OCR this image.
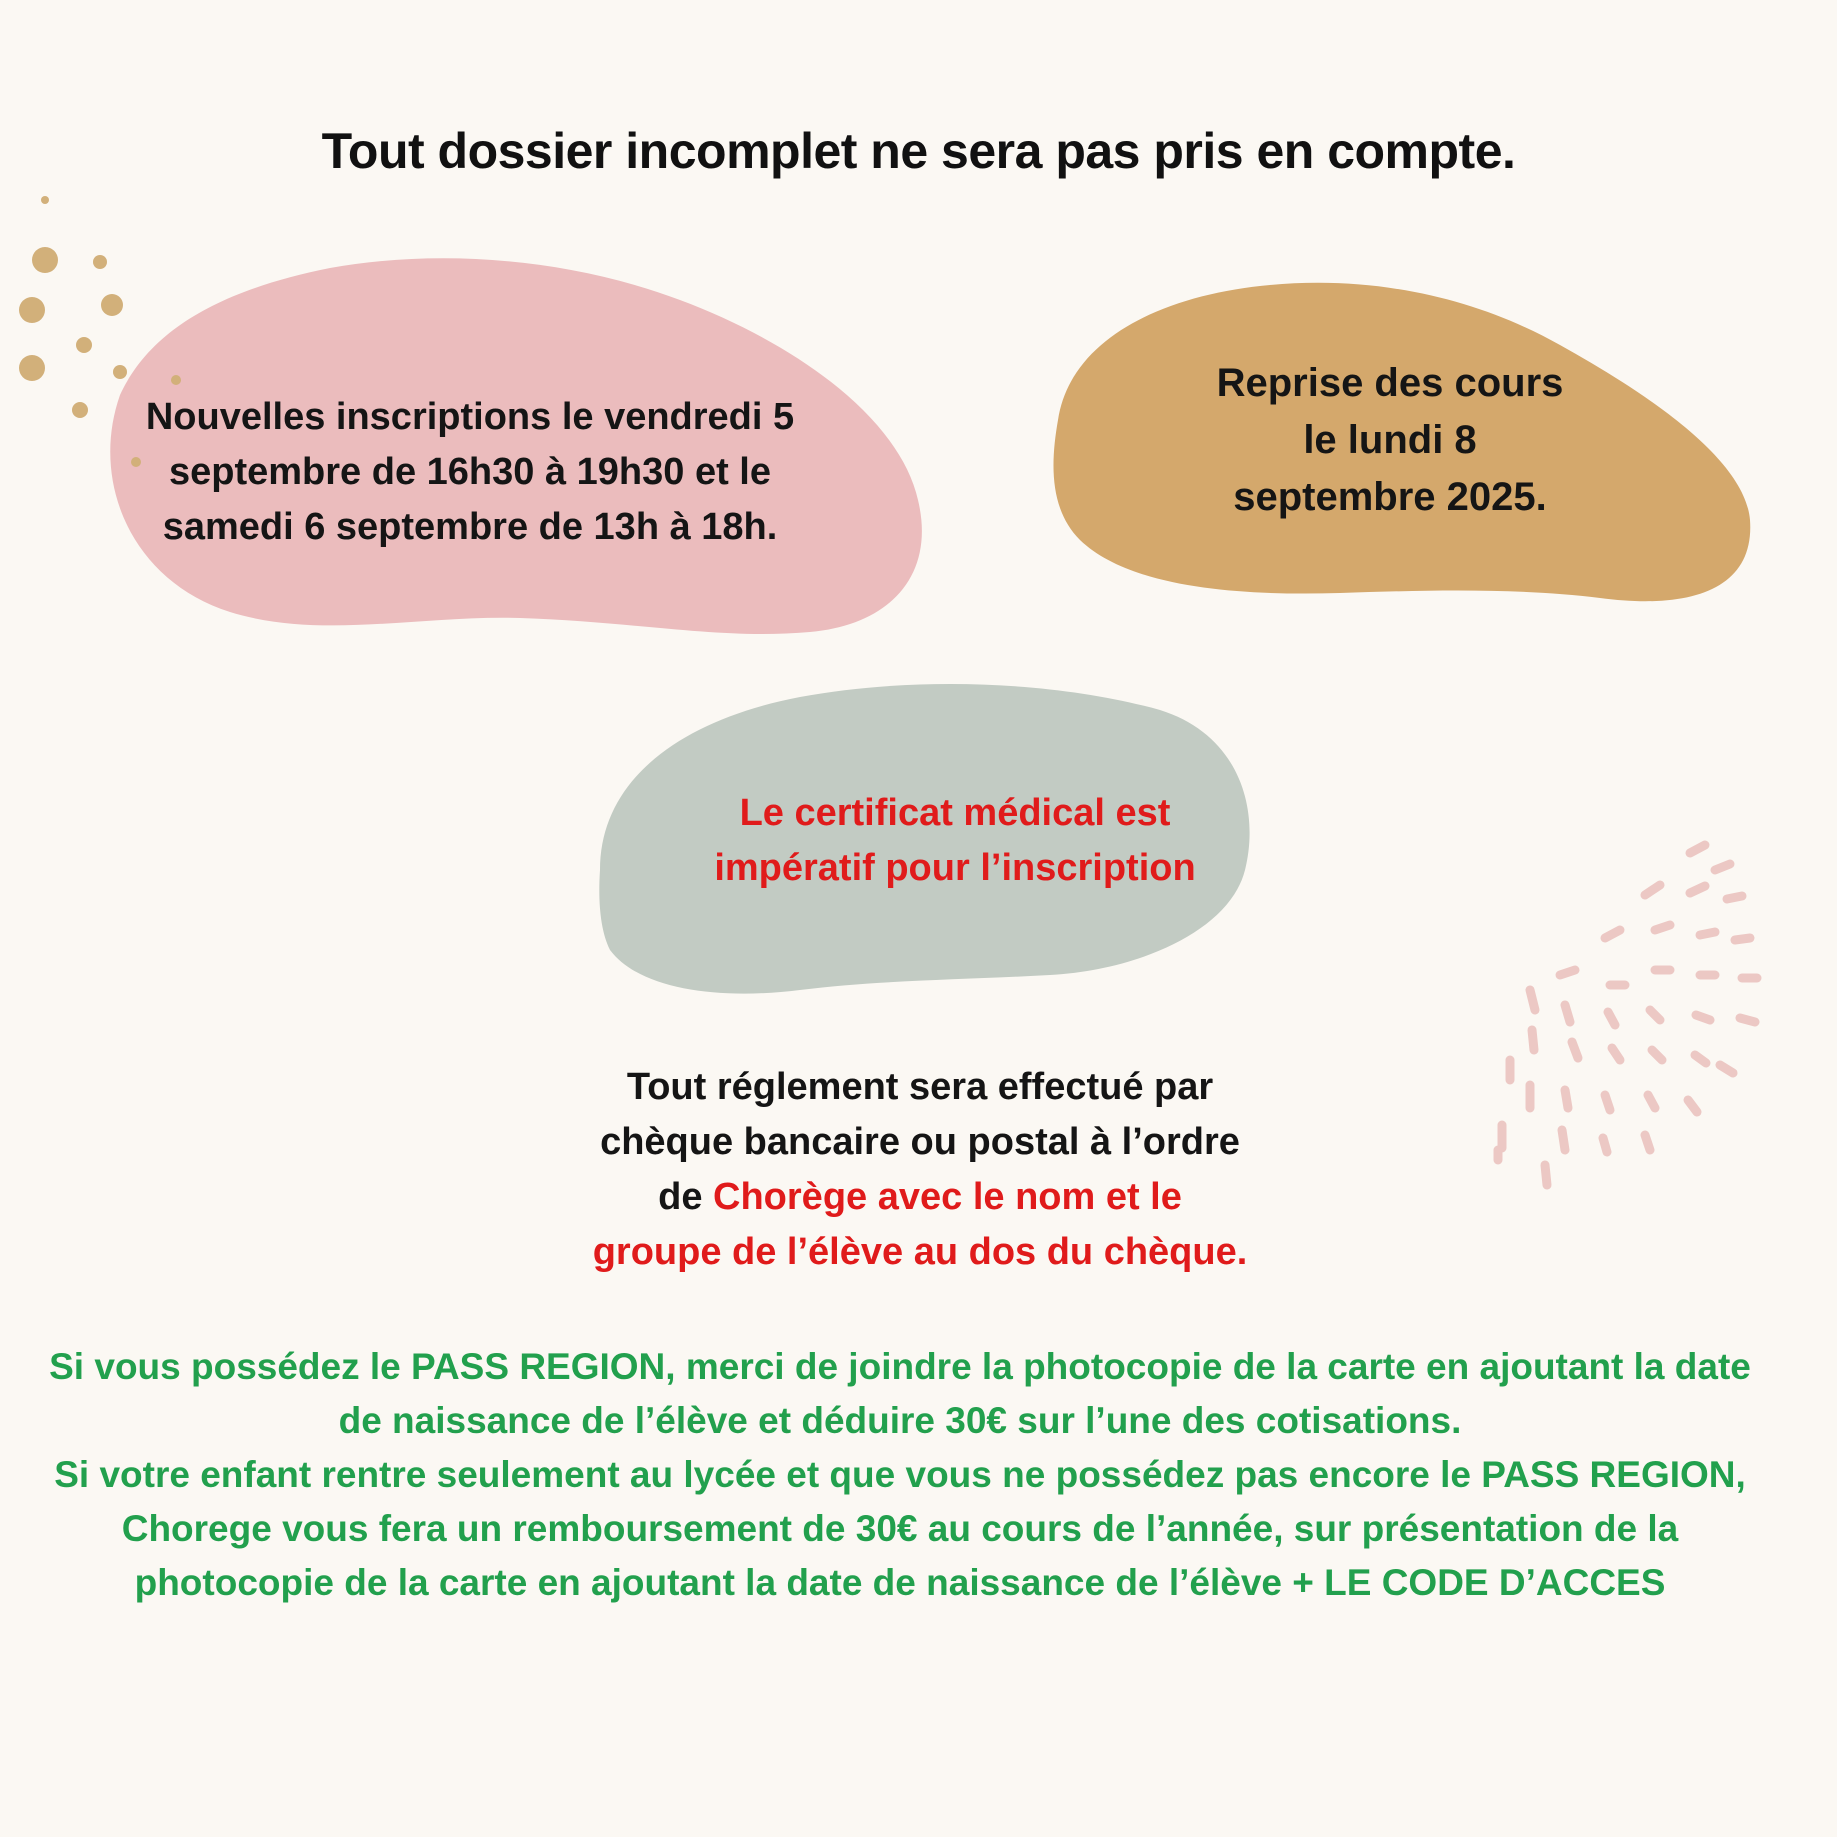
Tout dossier incomplet ne sera pas pris en compte.
Nouvelles inscriptions le vendredi 5
septembre de 16h30 à 19h30 et le
samedi 6 septembre de 13h à 18h.
Reprise des cours
le lundi 8
septembre 2025.
Le certificat médical est
impératif pour l’inscription
Tout réglement sera effectué par
chèque bancaire ou postal à l’ordre
de Chorège avec le nom et le
groupe de l’élève au dos du chèque.
Si vous possédez le PASS REGION, merci de joindre la photocopie de la carte en ajoutant la date
de naissance de l’élève et déduire 30€ sur l’une des cotisations.
Si votre enfant rentre seulement au lycée et que vous ne possédez pas encore le PASS REGION,
Chorege vous fera un remboursement de 30€ au cours de l’année, sur présentation de la
photocopie de la carte en ajoutant la date de naissance de l’élève + LE CODE D’ACCES
